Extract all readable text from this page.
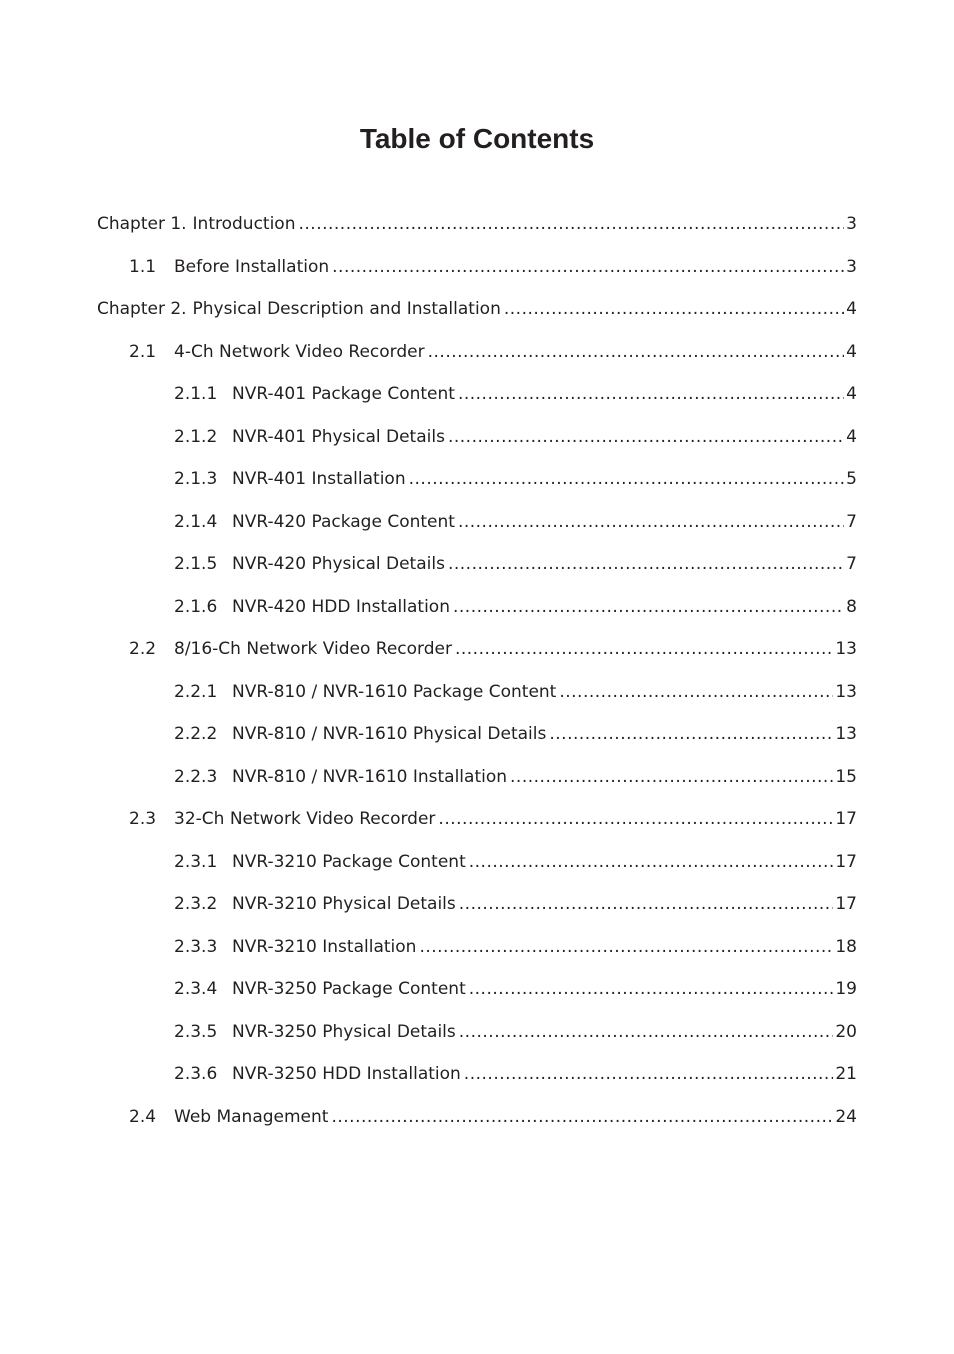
Table of Contents
Chapter 1. Introduction .....	3
1.1	Before Installation .....	3
Chapter 2. Physical Description and Installation .....	4
2.1	4-Ch Network Video Recorder .....	4
2.1.1 NVR-401 Package Content .....	4
2.1.2 NVR-401 Physical Details .....	4
2.1.3 NVR-401 Installation .....	5
2.1.4 NVR-420 Package Content .....	7
2.1.5 NVR-420 Physical Details .....	7
2.1.6 NVR-420 HDD Installation .....	8
2.2	8/16-Ch Network Video Recorder .....	13
2.2.1 NVR-810 / NVR-1610 Package Content .....	13
2.2.2 NVR-810 / NVR-1610 Physical Details .....	13
2.2.3 NVR-810 / NVR-1610 Installation .....	15
2.3	32-Ch Network Video Recorder .....	17
2.3.1 NVR-3210 Package Content .....	17
2.3.2 NVR-3210 Physical Details .....	17
2.3.3 NVR-3210 Installation .....	18
2.3.4 NVR-3250 Package Content .....	19
2.3.5 NVR-3250 Physical Details .....	20
2.3.6 NVR-3250 HDD Installation .....	21
2.4	Web Management .....	24
